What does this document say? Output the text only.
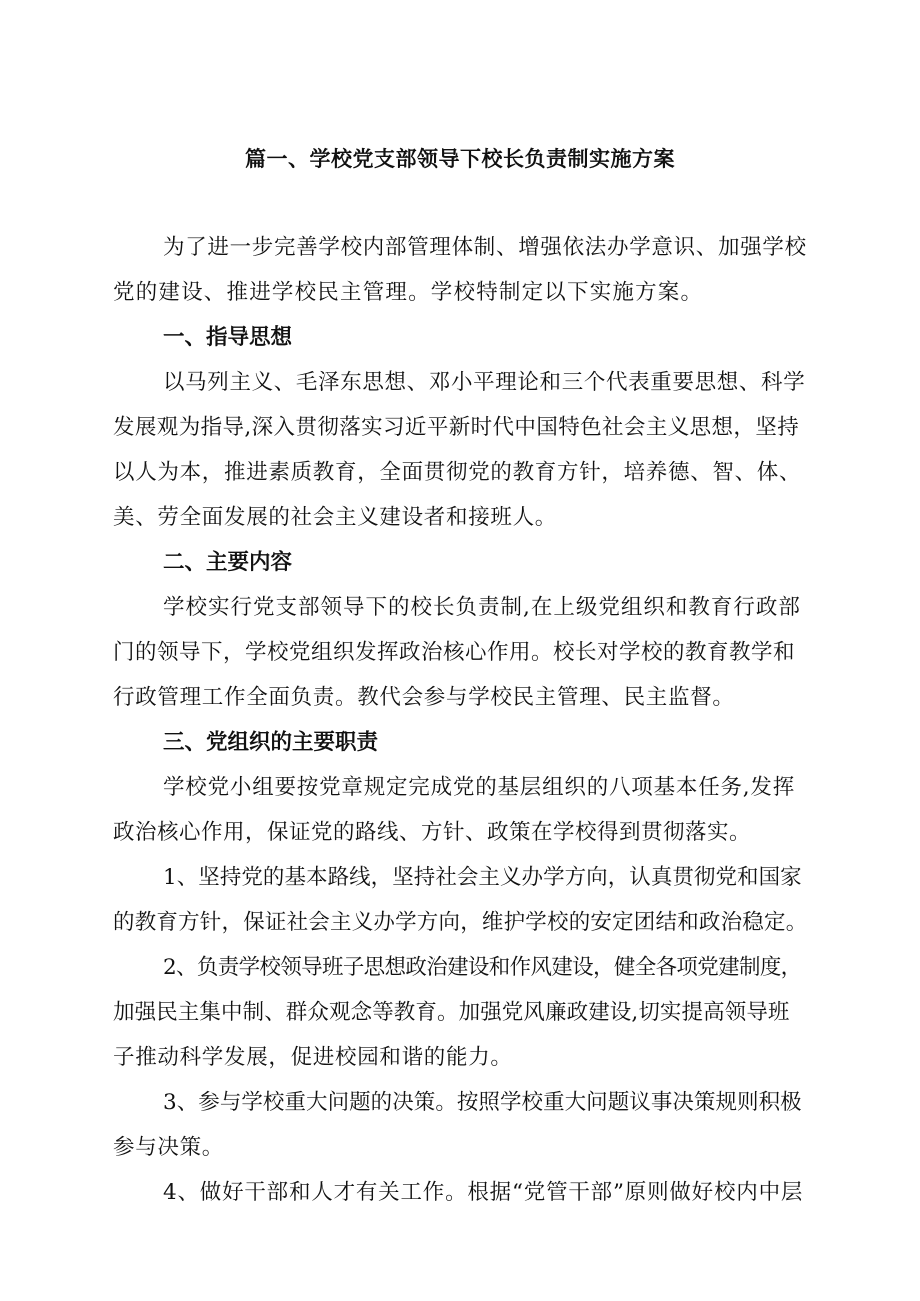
篇一、学校党支部领导下校长负责制实施方案
为了进一步完善学校内部管理体制、增强依法办学意识、加强学校
党的建设、推进学校民主管理。学校特制定以下实施方案。
一、指导思想
以马列主义、毛泽东思想、邓小平理论和三个代表重要思想、科学
发展观为指导,深入贯彻落实习近平新时代中国特色社会主义思想，坚持
以人为本，推进素质教育，全面贯彻党的教育方针，培养德、智、体、
美、劳全面发展的社会主义建设者和接班人。
二、主要内容
学校实行党支部领导下的校长负责制,在上级党组织和教育行政部
门的领导下，学校党组织发挥政治核心作用。校长对学校的教育教学和
行政管理工作全面负责。教代会参与学校民主管理、民主监督。
三、党组织的主要职责
学校党小组要按党章规定完成党的基层组织的八项基本任务,发挥
政治核心作用，保证党的路线、方针、政策在学校得到贯彻落实。
1、坚持党的基本路线，坚持社会主义办学方向，认真贯彻党和国家
的教育方针，保证社会主义办学方向，维护学校的安定团结和政治稳定。
2、负责学校领导班子思想政治建设和作风建设，健全各项党建制度，
加强民主集中制、群众观念等教育。加强党风廉政建设,切实提高领导班
子推动科学发展，促进校园和谐的能力。
3、参与学校重大问题的决策。按照学校重大问题议事决策规则积极
参与决策。
4、做好干部和人才有关工作。根据“党管干部”原则做好校内中层
